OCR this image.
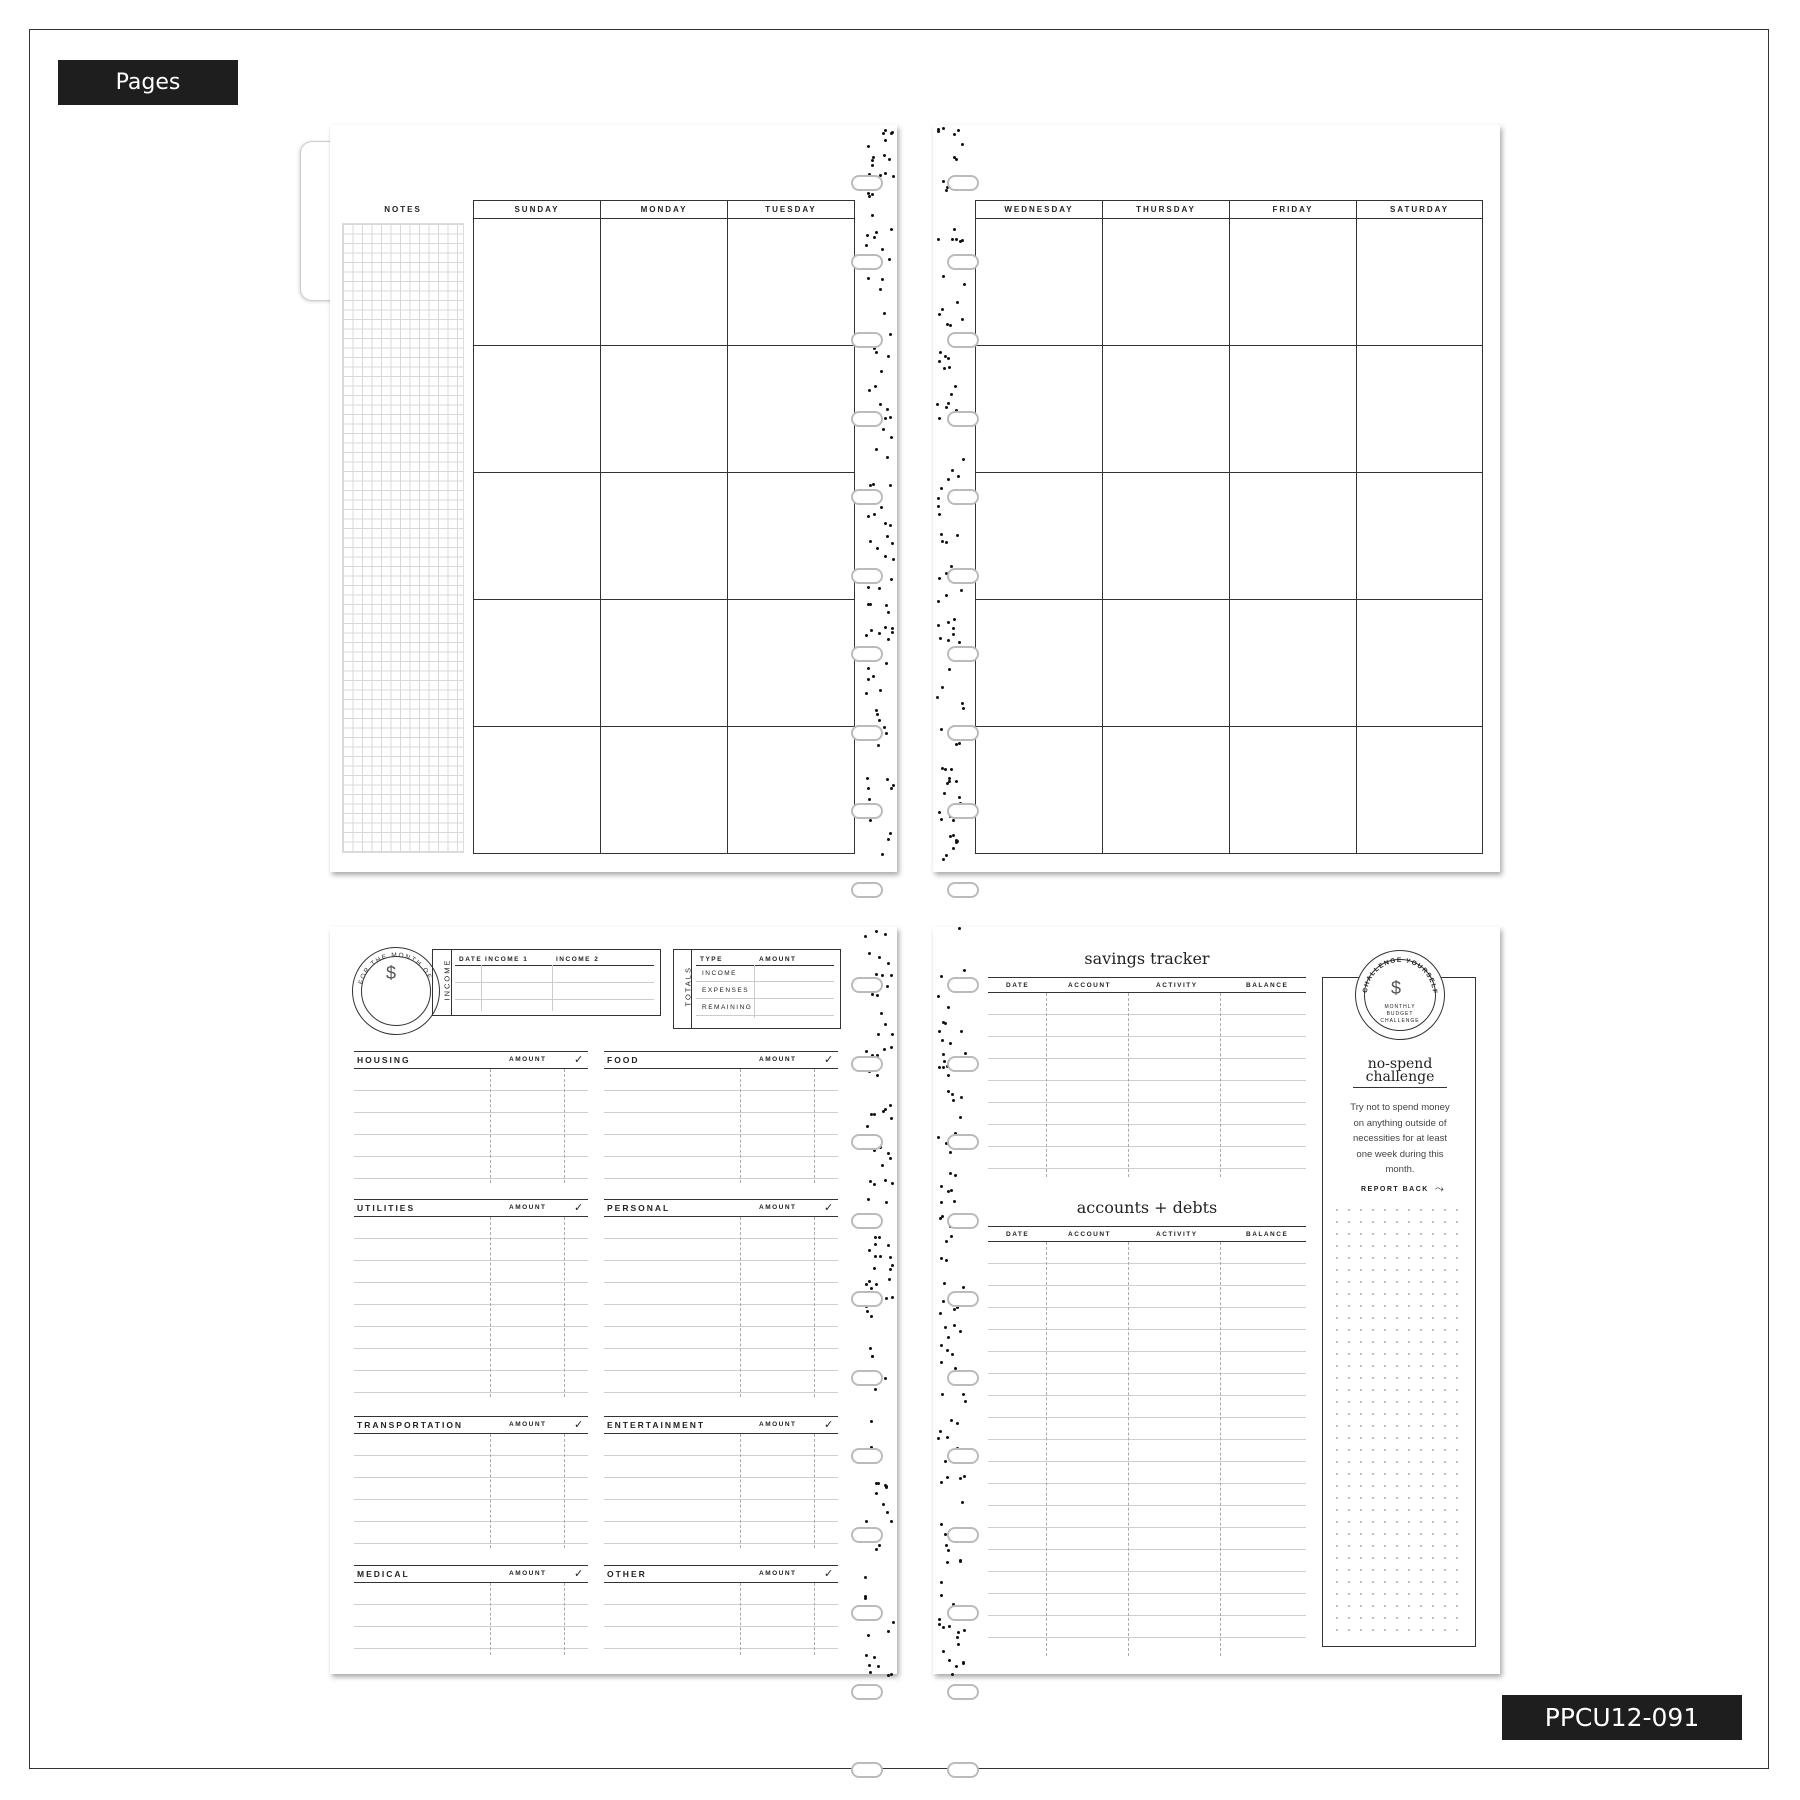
Pages
PPCU12-091
NOTES	SUNDAY	MONDAY	TUESDAY	WEDNESDAY	THURSDAY	FRIDAY	SATURDAY
FOR THE MONTH OF
$	INCOME DATE INCOME 1	INCOME 2
TOTALS
TYPE	AMOUNT
INCOME
EXPENSES
REMAINING
HOUSING	AMOUNT ✓	FOOD	AMOUNT ✓
UTILITIES	AMOUNT ✓	PERSONAL	AMOUNT ✓
TRANSPORTATION	AMOUNT ✓	ENTERTAINMENT	AMOUNT ✓
MEDICAL	AMOUNT ✓	OTHER	AMOUNT ✓
savings tracker
DATE	ACCOUNT	ACTIVITY	BALANCE
accounts + debts
DATE	ACCOUNT	ACTIVITY	BALANCE
CHALLENGE YOURSELF
$
MONTHLY BUDGET CHALLENGE
no-spend challenge
Try not to spend money on anything outside of necessities for at least one week during this month.
REPORT BACK ⤳
